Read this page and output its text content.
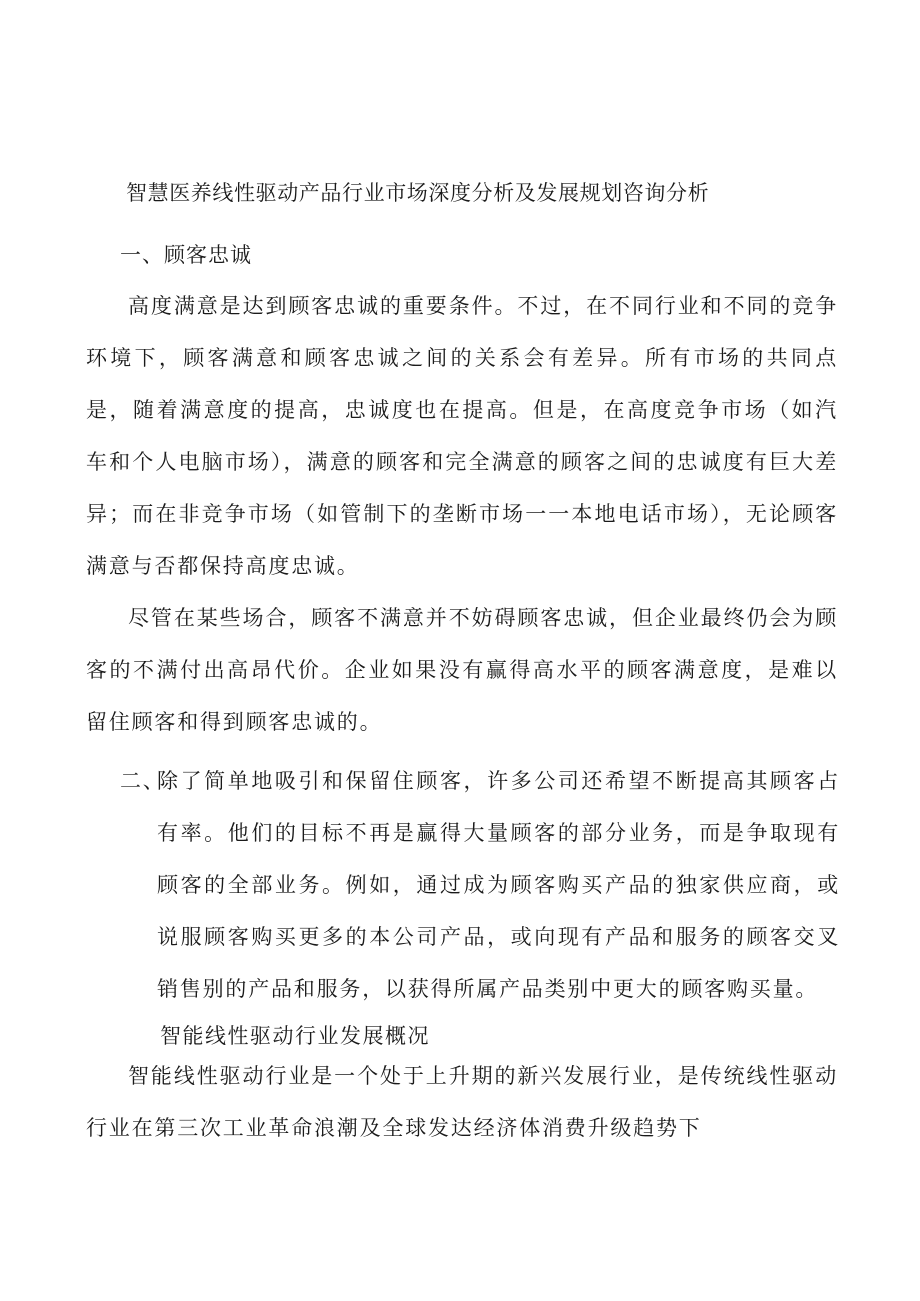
智慧医养线性驱动产品行业市场深度分析及发展规划咨询分析
一、顾客忠诚

高度满意是达到顾客忠诚的重要条件。不过，在不同行业和不同的竞争环境下，顾客满意和顾客忠诚之间的关系会有差异。所有市场的共同点是，随着满意度的提高，忠诚度也在提高。但是，在高度竞争市场（如汽车和个人电脑市场），满意的顾客和完全满意的顾客之间的忠诚度有巨大差异；而在非竞争市场（如管制下的垄断市场一一本地电话市场），无论顾客满意与否都保持高度忠诚。

尽管在某些场合，顾客不满意并不妨碍顾客忠诚，但企业最终仍会为顾客的不满付出高昂代价。企业如果没有赢得高水平的顾客满意度，是难以留住顾客和得到顾客忠诚的。

二、
除了简单地吸引和保留住顾客，许多公司还希望不断提高其顾客占有率。他们的目标不再是赢得大量顾客的部分业务，而是争取现有顾客的全部业务。例如，通过成为顾客购买产品的独家供应商，或说服顾客购买更多的本公司产品，或向现有产品和服务的顾客交叉销售别的产品和服务，以获得所属产品类别中更大的顾客购买量。
智能线性驱动行业发展概况

智能线性驱动行业是一个处于上升期的新兴发展行业，是传统线性驱动行业在第三次工业革命浪潮及全球发达经济体消费升级趋势下
